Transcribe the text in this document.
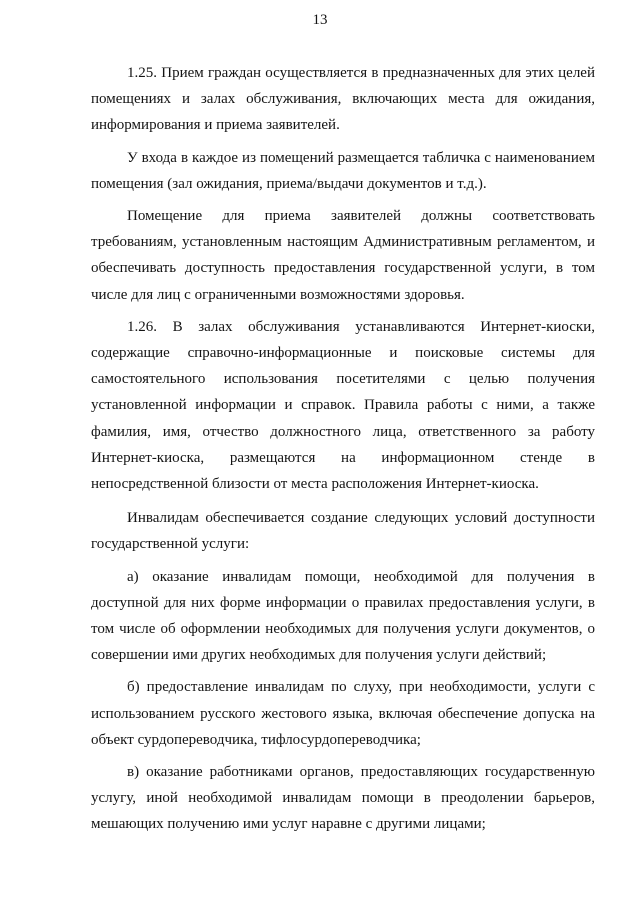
13

1.25. Прием граждан осуществляется в предназначенных для этих целей помещениях и залах обслуживания, включающих места для ожидания, информирования и приема заявителей.

У входа в каждое из помещений размещается табличка с наименованием помещения (зал ожидания, приема/выдачи документов и т.д.).

Помещение для приема заявителей должны соответствовать требованиям, установленным настоящим Административным регламентом, и обеспечивать доступность предоставления государственной услуги, в том числе для лиц с ограниченными возможностями здоровья.

1.26. В залах обслуживания устанавливаются Интернет-киоски, содержащие справочно-информационные и поисковые системы для самостоятельного использования посетителями с целью получения установленной информации и справок. Правила работы с ними, а также фамилия, имя, отчество должностного лица, ответственного за работу Интернет-киоска, размещаются на информационном стенде в непосредственной близости от места расположения Интернет-киоска.

Инвалидам обеспечивается создание следующих условий доступности государственной услуги:

а) оказание инвалидам помощи, необходимой для получения в доступной для них форме информации о правилах предоставления услуги, в том числе об оформлении необходимых для получения услуги документов, о совершении ими других необходимых для получения услуги действий;

б) предоставление инвалидам по слуху, при необходимости, услуги с использованием русского жестового языка, включая обеспечение допуска на объект сурдопереводчика, тифлосурдопереводчика;

в) оказание работниками органов, предоставляющих государственную услугу, иной необходимой инвалидам помощи в преодолении барьеров, мешающих получению ими услуг наравне с другими лицами;
